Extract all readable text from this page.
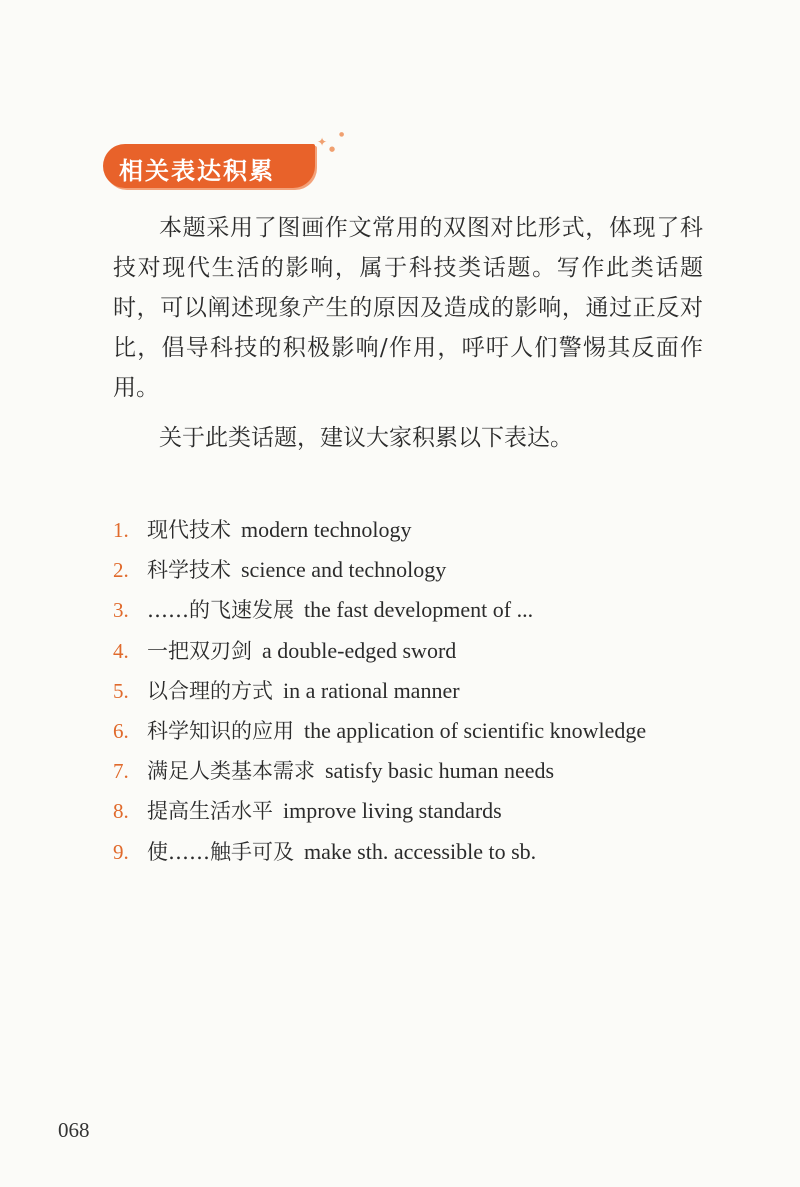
✦ ●
●
相关表达积累

本题采用了图画作文常用的双图对比形式，体现了科技对现代生活的影响，属于科技类话题。写作此类话题时，可以阐述现象产生的原因及造成的影响，通过正反对比，倡导科技的积极影响/作用，呼吁人们警惕其反面作用。

关于此类话题，建议大家积累以下表达。

1. 现代技术 modern technology
2. 科学技术 science and technology
3. ……的飞速发展 the fast development of ...
4. 一把双刃剑 a double-edged sword
5. 以合理的方式 in a rational manner
6. 科学知识的应用 the application of scientific knowledge
7. 满足人类基本需求 satisfy basic human needs
8. 提高生活水平 improve living standards
9. 使……触手可及 make sth. accessible to sb.
068
